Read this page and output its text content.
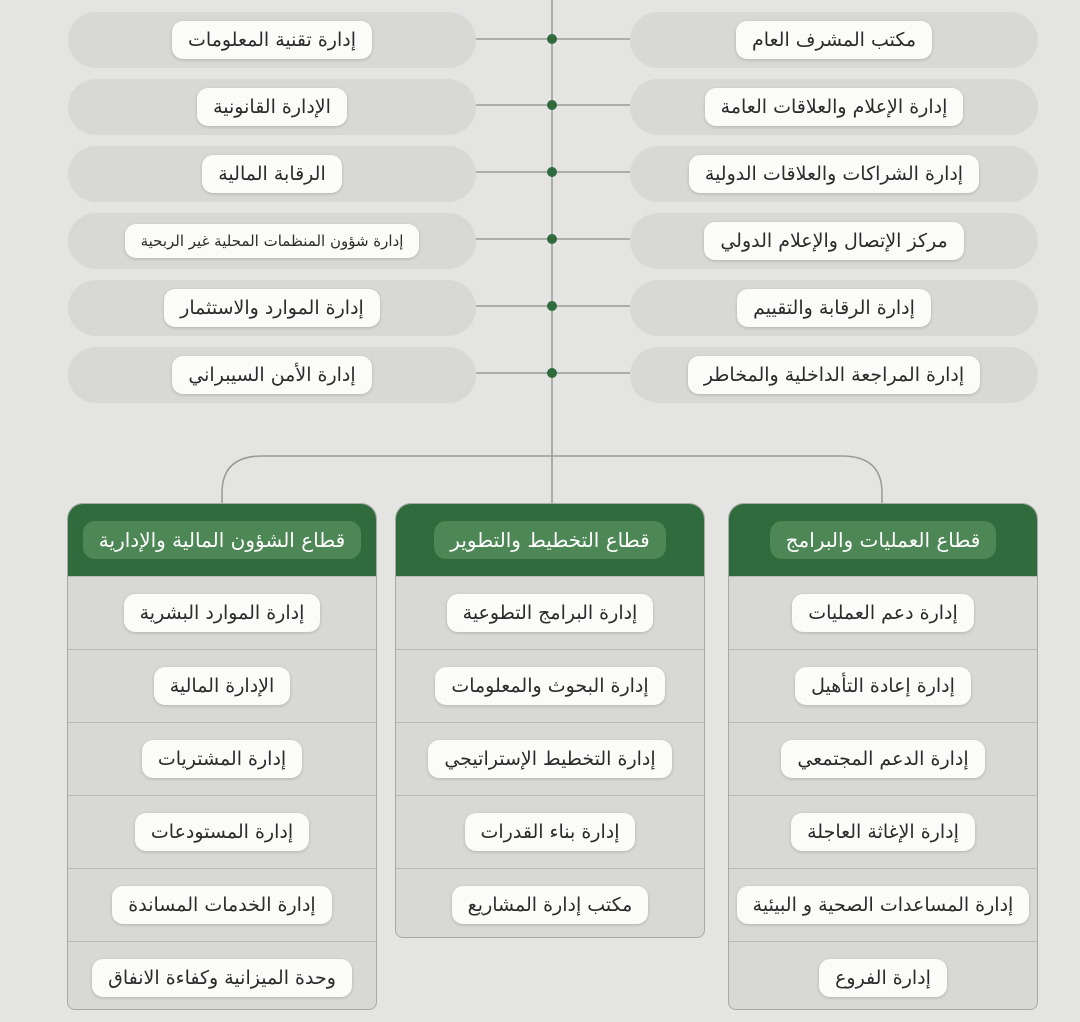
مكتب المشرف العام
إدارة الإعلام والعلاقات العامة
إدارة الشراكات والعلاقات الدولية
مركز الإتصال والإعلام الدولي
إدارة الرقابة والتقييم
إدارة المراجعة الداخلية والمخاطر
إدارة تقنية المعلومات
الإدارة القانونية
الرقابة المالية
إدارة شؤون المنظمات المحلية غير الربحية
إدارة الموارد والاستثمار
إدارة الأمن السيبراني
قطاع العمليات والبرامج
إدارة دعم العمليات
إدارة إعادة التأهيل
إدارة الدعم المجتمعي
إدارة الإغاثة العاجلة
إدارة المساعدات الصحية و البيئية
إدارة الفروع
قطاع التخطيط والتطوير
إدارة البرامج التطوعية
إدارة البحوث والمعلومات
إدارة التخطيط الإستراتيجي
إدارة بناء القدرات
مكتب إدارة المشاريع
قطاع الشؤون المالية والإدارية
إدارة الموارد البشرية
الإدارة المالية
إدارة المشتريات
إدارة المستودعات
إدارة الخدمات المساندة
وحدة الميزانية وكفاءة الانفاق
